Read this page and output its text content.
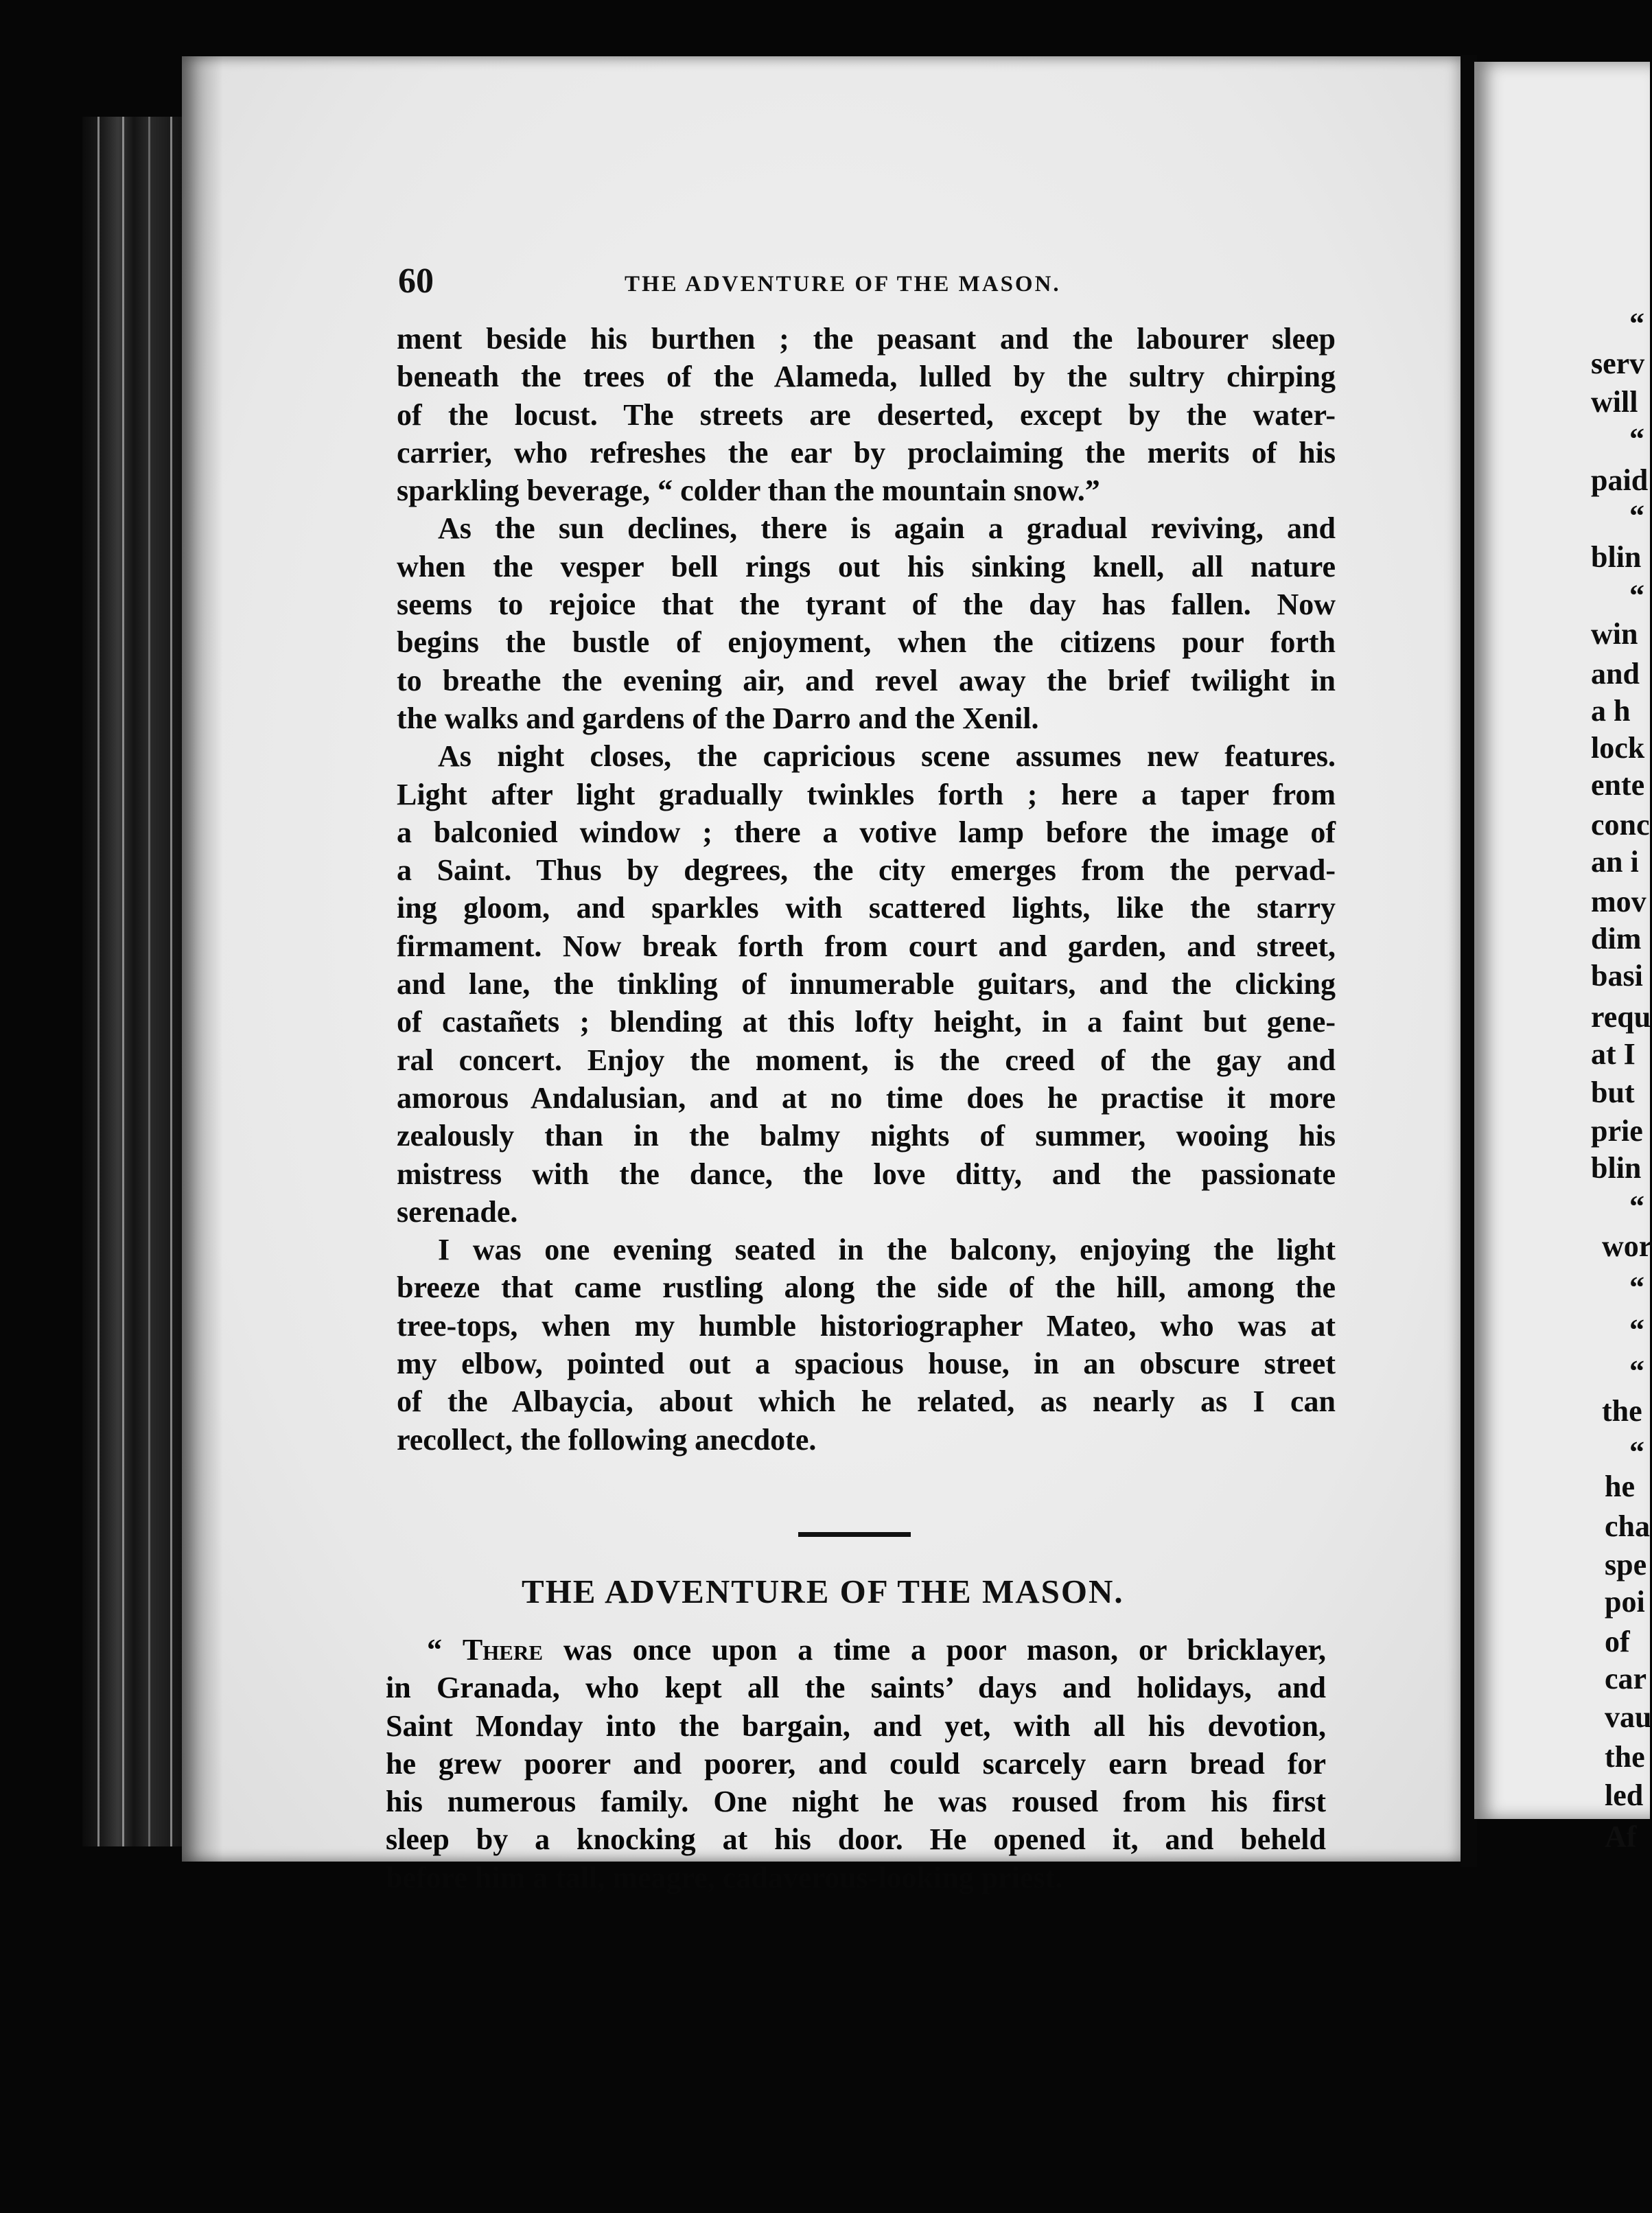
“
serv
will
“
paid
“
blin
“
win
and
a h
lock
ente
conc
an i
mov
dim
basi
requ
at I
but
prie
blin
“
wor
“
“
“
the
“
he
cha
spe
poi
of
car
vau
the
led
Af
60	THE ADVENTURE OF THE MASON.
ment beside his burthen ; the peasant and the labourer sleep
beneath the trees of the Alameda, lulled by the sultry chirping
of the locust. The streets are deserted, except by the water-
carrier, who refreshes the ear by proclaiming the merits of his
sparkling beverage, “ colder than the mountain snow.”
As the sun declines, there is again a gradual reviving, and
when the vesper bell rings out his sinking knell, all nature
seems to rejoice that the tyrant of the day has fallen. Now
begins the bustle of enjoyment, when the citizens pour forth
to breathe the evening air, and revel away the brief twilight in
the walks and gardens of the Darro and the Xenil.
As night closes, the capricious scene assumes new features.
Light after light gradually twinkles forth ; here a taper from
a balconied window ; there a votive lamp before the image of
a Saint. Thus by degrees, the city emerges from the pervad-
ing gloom, and sparkles with scattered lights, like the starry
firmament. Now break forth from court and garden, and street,
and lane, the tinkling of innumerable guitars, and the clicking
of castañets ; blending at this lofty height, in a faint but gene-
ral concert. Enjoy the moment, is the creed of the gay and
amorous Andalusian, and at no time does he practise it more
zealously than in the balmy nights of summer, wooing his
mistress with the dance, the love ditty, and the passionate
serenade.
I was one evening seated in the balcony, enjoying the light
breeze that came rustling along the side of the hill, among the
tree-tops, when my humble historiographer Mateo, who was at
my elbow, pointed out a spacious house, in an obscure street
of the Albaycia, about which he related, as nearly as I can
recollect, the following anecdote.
THE ADVENTURE OF THE MASON.
“ There was once upon a time a poor mason, or bricklayer,
in Granada, who kept all the saints’ days and holidays, and
Saint Monday into the bargain, and yet, with all his devotion,
he grew poorer and poorer, and could scarcely earn bread for
his numerous family. One night he was roused from his first
sleep by a knocking at his door. He opened it, and beheld
before him a tall, meagre, cadaverous-looking priest.
